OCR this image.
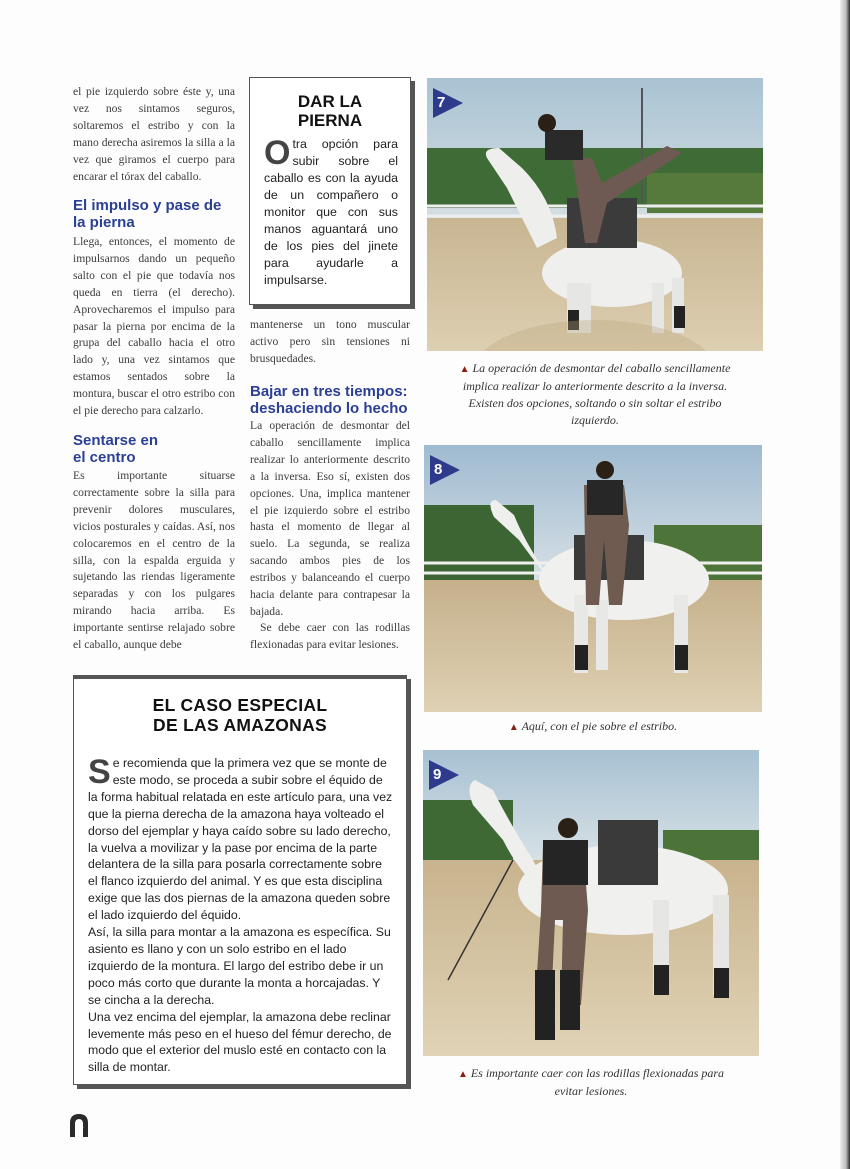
el pie izquierdo sobre éste y, una vez nos sintamos seguros, soltaremos el estribo y con la mano derecha asiremos la silla a la vez que giramos el cuerpo para encarar el tórax del caballo.
El impulso y pase de la pierna
Llega, entonces, el momento de impulsarnos dando un pequeño salto con el pie que todavía nos queda en tierra (el derecho). Aprovecharemos el impulso para pasar la pierna por encima de la grupa del caballo hacia el otro lado y, una vez sintamos que estamos sentados sobre la montura, buscar el otro estribo con el pie derecho para calzarlo.
Sentarse en
el centro
Es importante situarse correctamente sobre la silla para prevenir dolores musculares, vicios posturales y caídas. Así, nos colocaremos en el centro de la silla, con la espalda erguida y sujetando las riendas ligeramente separadas y con los pulgares mirando hacia arriba. Es importante sentirse relajado sobre el caballo, aunque debe
DAR LA
PIERNA
O tra opción para subir sobre el caballo es con la ayuda de un compañero o monitor que con sus manos aguantará uno de los pies del jinete para ayudarle a impulsarse.
mantenerse un tono muscular activo pero sin tensiones ni brusquedades.
Bajar en tres tiempos:
deshaciendo lo hecho
La operación de desmontar del caballo sencillamente implica realizar lo anteriormente descrito a la inversa. Eso sí, existen dos opciones. Una, implica mantener el pie izquierdo sobre el estribo hasta el momento de llegar al suelo. La segunda, se realiza sacando ambos pies de los estribos y balanceando el cuerpo hacia delante para contrapesar la bajada.
Se debe caer con las rodillas flexionadas para evitar lesiones.
EL CASO ESPECIAL
DE LAS AMAZONAS
S e recomienda que la primera vez que se monte de este modo, se proceda a subir sobre el équido de la forma habitual relatada en este artículo para, una vez que la pierna derecha de la amazona haya volteado el dorso del ejemplar y haya caído sobre su lado derecho, la vuelva a movilizar y la pase por encima de la parte delantera de la silla para posarla correctamente sobre el flanco izquierdo del animal. Y es que esta disciplina exige que las dos piernas de la amazona queden sobre el lado izquierdo del équido.
Así, la silla para montar a la amazona es específica. Su asiento es llano y con un solo estribo en el lado izquierdo de la montura. El largo del estribo debe ir un poco más corto que durante la monta a horcajadas. Y se cincha a la derecha.
Una vez encima del ejemplar, la amazona debe reclinar levemente más peso en el hueso del fémur derecho, de modo que el exterior del muslo esté en contacto con la silla de montar.
7
▲ La operación de desmontar del caballo sencillamente
implica realizar lo anteriormente descrito a la inversa.
Existen dos opciones, soltando o sin soltar el estribo
izquierdo.
8
▲ Aquí, con el pie sobre el estribo.
9
▲ Es importante caer con las rodillas flexionadas para
evitar lesiones.
12
